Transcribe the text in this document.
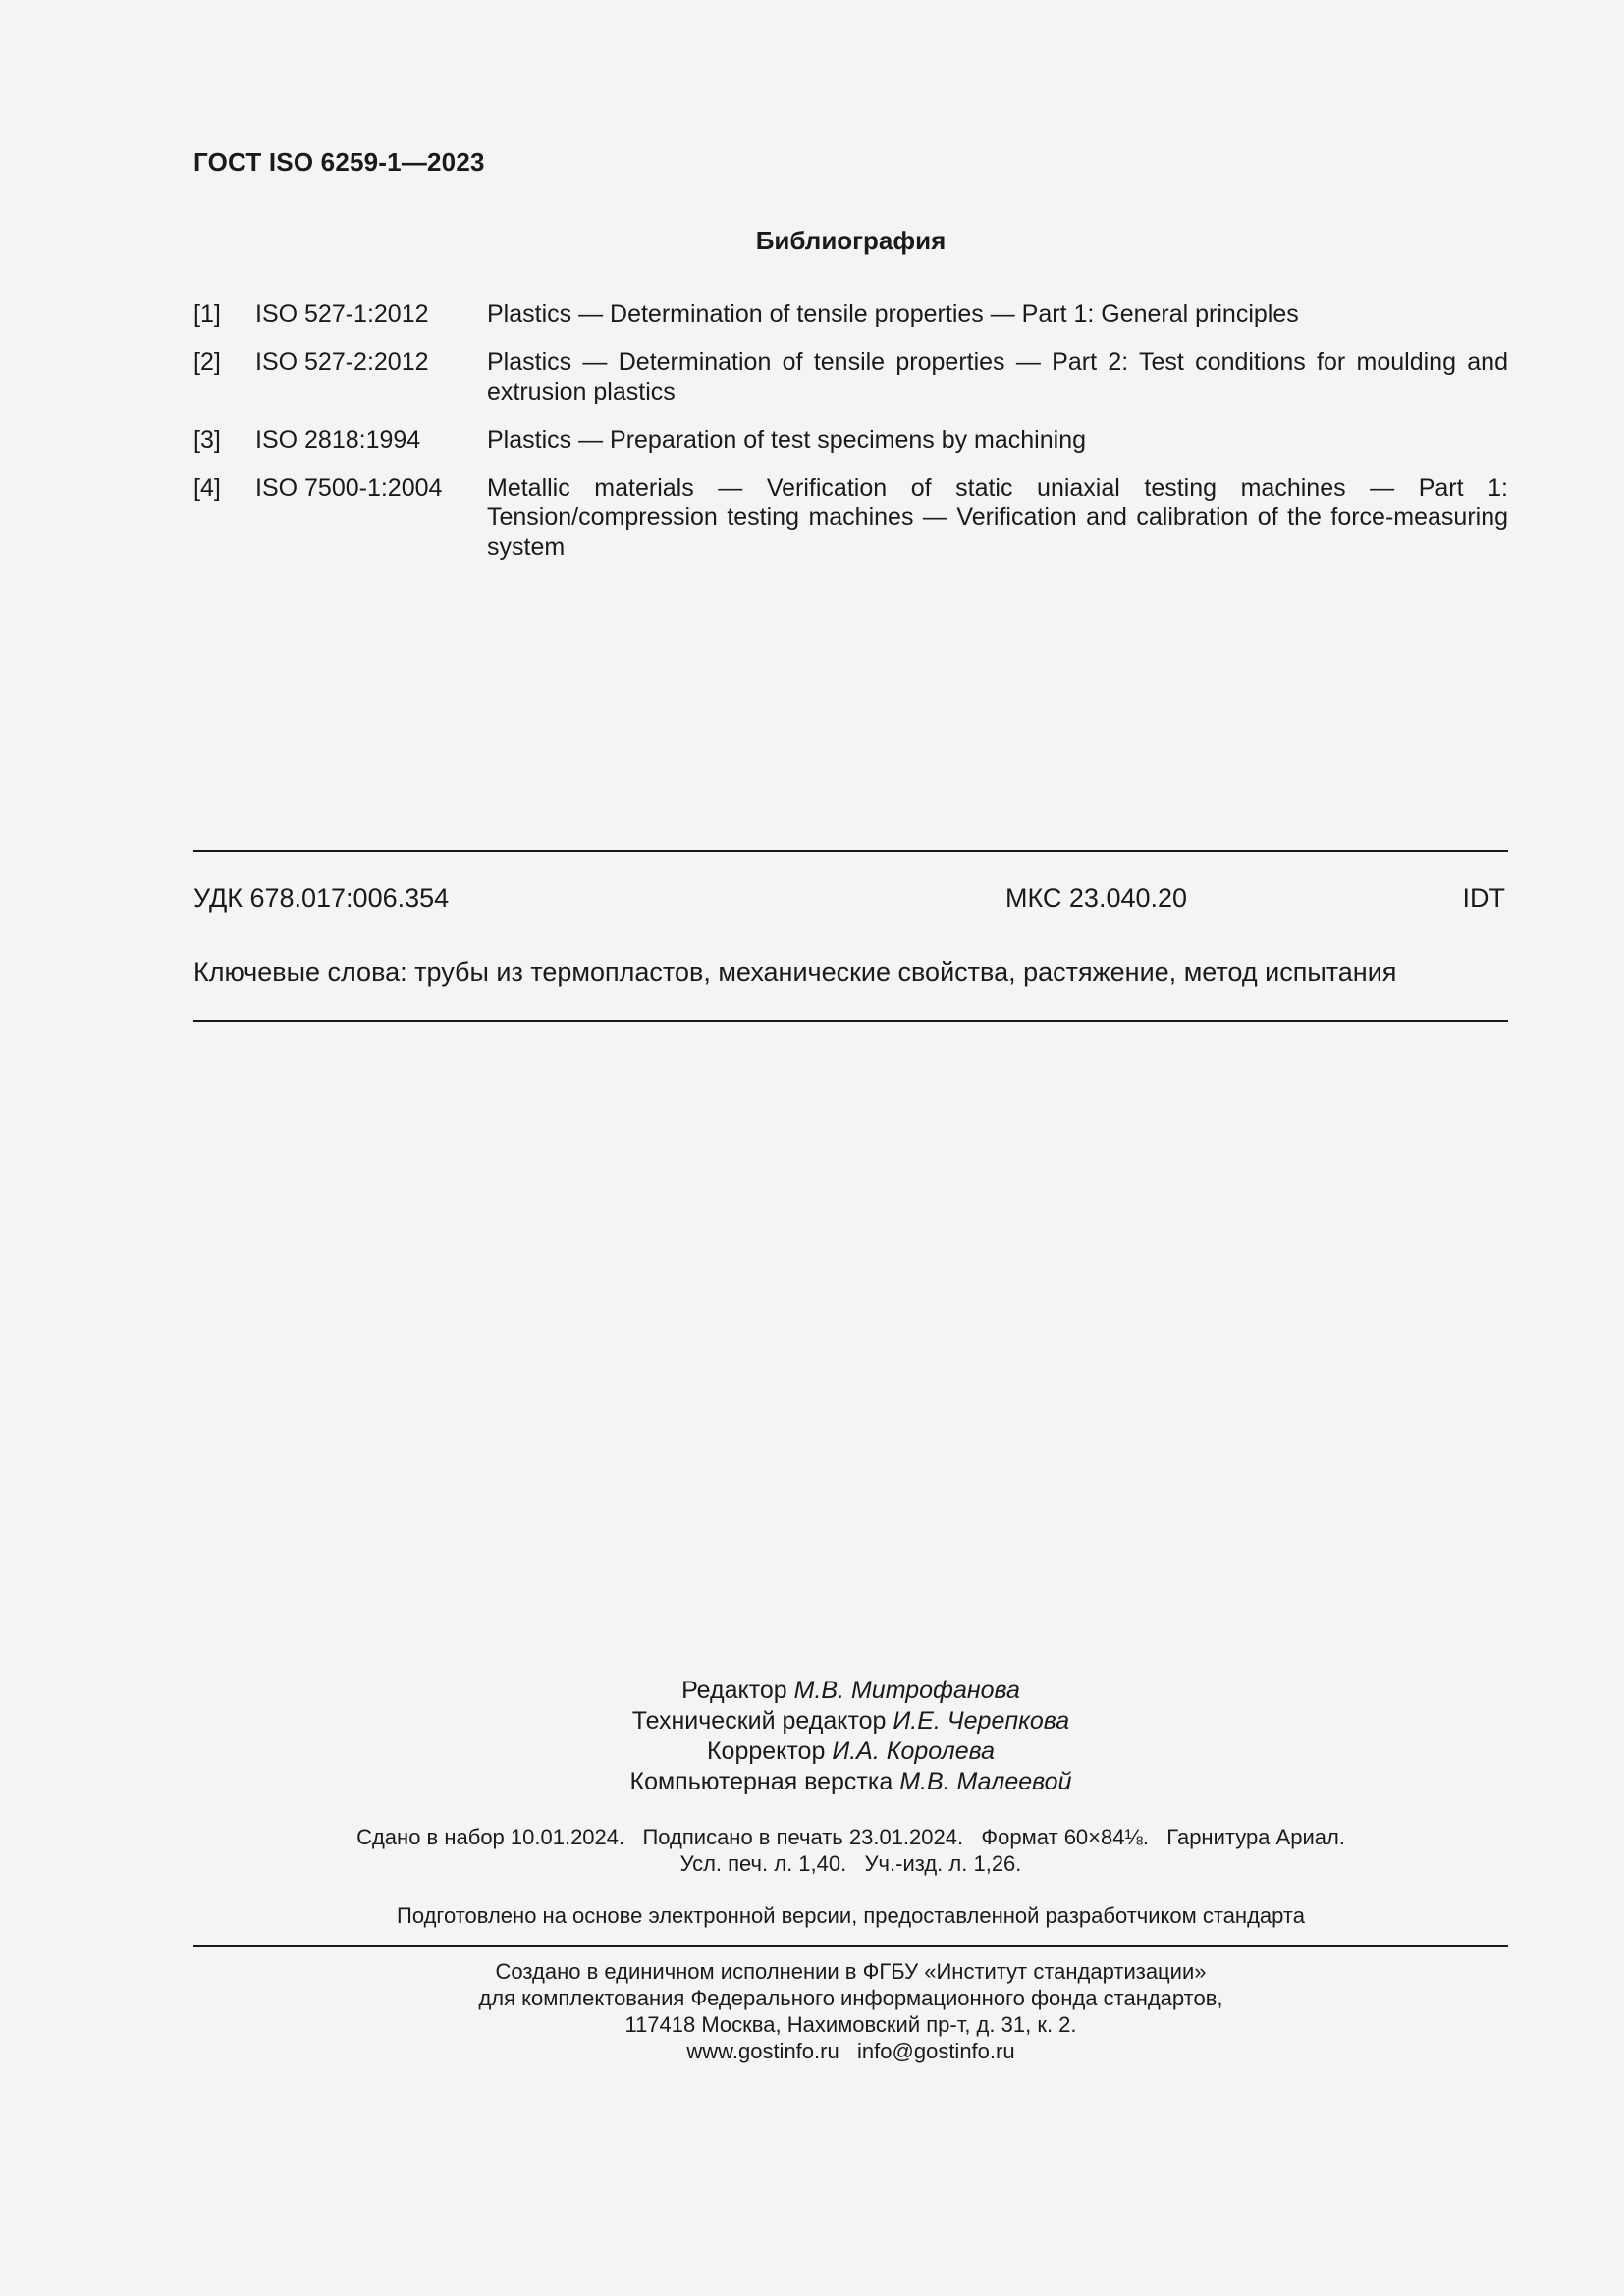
ГОСТ ISO 6259-1—2023
Библиография
[1]	ISO 527-1:2012	Plastics — Determination of tensile properties — Part 1: General principles
[2]	ISO 527-2:2012	Plastics — Determination of tensile properties — Part 2: Test conditions for moulding and extrusion plastics
[3]	ISO 2818:1994	Plastics — Preparation of test specimens by machining
[4]	ISO 7500-1:2004	Metallic materials — Verification of static uniaxial testing machines — Part 1: Tension/compression testing machines — Verification and calibration of the force-measuring system
УДК 678.017:006.354	МКС 23.040.20	IDT
Ключевые слова: трубы из термопластов, механические свойства, растяжение, метод испытания
Редактор М.В. Митрофанова
Технический редактор И.Е. Черепкова
Корректор И.А. Королева
Компьютерная верстка М.В. Малеевой
Сдано в набор 10.01.2024.   Подписано в печать 23.01.2024.   Формат 60×84⅛.   Гарнитура Ариал.
Усл. печ. л. 1,40.   Уч.-изд. л. 1,26.
Подготовлено на основе электронной версии, предоставленной разработчиком стандарта
Создано в единичном исполнении в ФГБУ «Институт стандартизации»
для комплектования Федерального информационного фонда стандартов,
117418 Москва, Нахимовский пр-т, д. 31, к. 2.
www.gostinfo.ru info@gostinfo.ru
